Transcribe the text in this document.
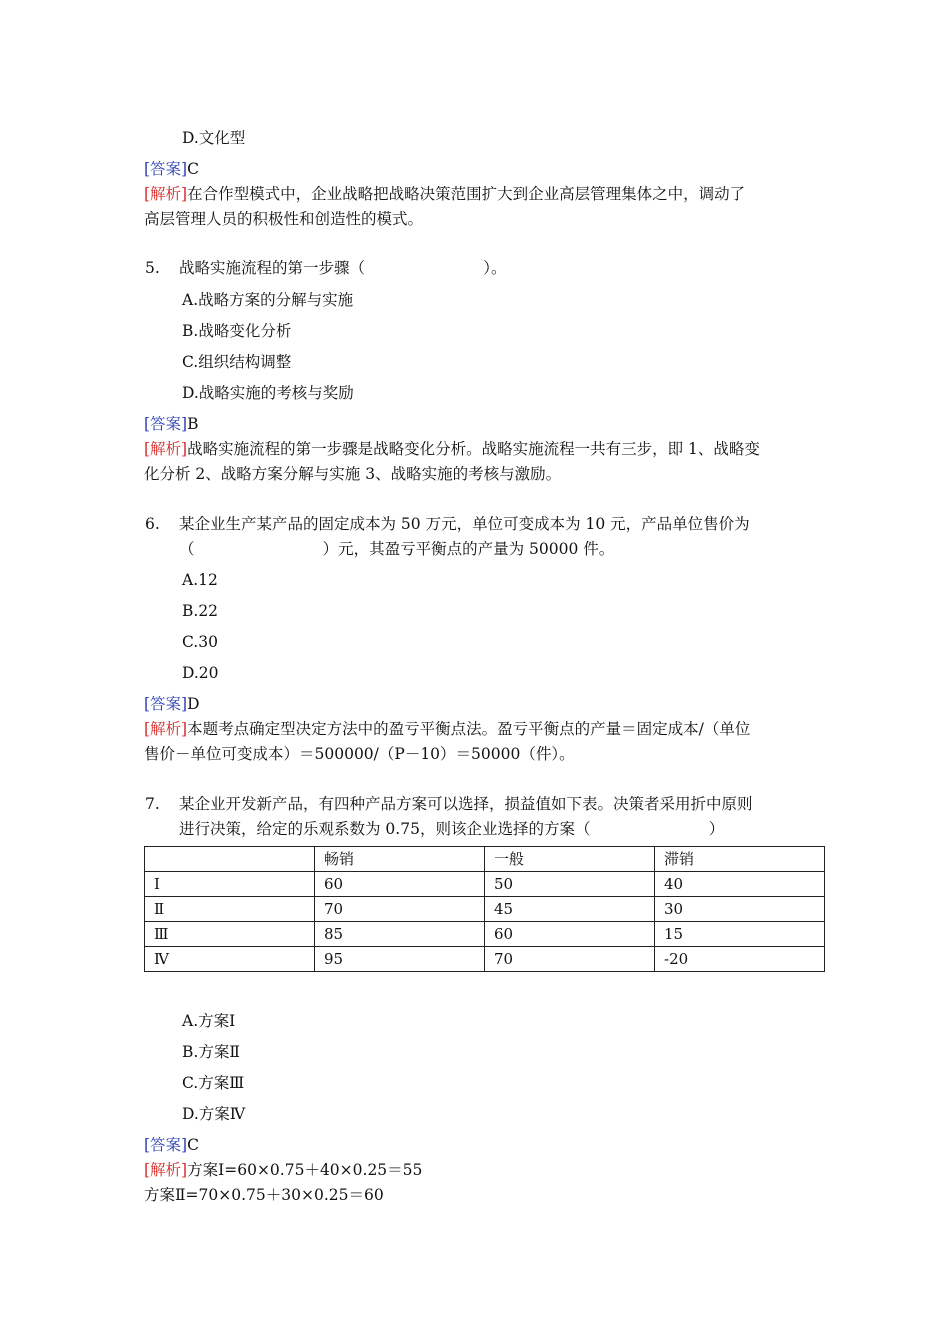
D.文化型
[答案]C
[解析]在合作型模式中，企业战略把战略决策范围扩大到企业高层管理集体之中，调动了
高层管理人员的积极性和创造性的模式。
5. 战略实施流程的第一步骤（                        ）。
A.战略方案的分解与实施
B.战略变化分析
C.组织结构调整
D.战略实施的考核与奖励
[答案]B
[解析]战略实施流程的第一步骤是战略变化分析。战略实施流程一共有三步，即 1、战略变
化分析 2、战略方案分解与实施 3、战略实施的考核与激励。
6. 某企业生产某产品的固定成本为 50 万元，单位可变成本为 10 元，产品单位售价为
（                          ）元，其盈亏平衡点的产量为 50000 件。
A.12
B.22
C.30
D.20
[答案]D
[解析]本题考点确定型决定方法中的盈亏平衡点法。盈亏平衡点的产量＝固定成本/（单位
售价－单位可变成本）＝500000/（P－10）＝50000（件）。
7. 某企业开发新产品，有四种产品方案可以选择，损益值如下表。决策者采用折中原则
进行决策，给定的乐观系数为 0.75，则该企业选择的方案（                        ）
	畅销	一般	滞销
Ⅰ	60	50	40
Ⅱ	70	45	30
Ⅲ	85	60	15
Ⅳ	95	70	-20
A.方案Ⅰ
B.方案Ⅱ
C.方案Ⅲ
D.方案Ⅳ
[答案]C
[解析]方案Ⅰ=60×0.75＋40×0.25＝55
方案Ⅱ=70×0.75＋30×0.25＝60
